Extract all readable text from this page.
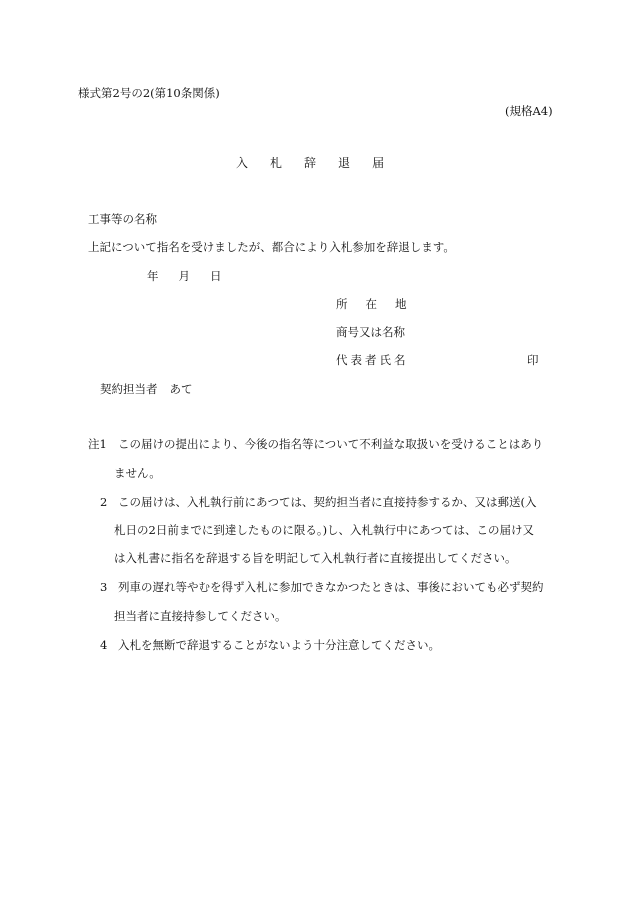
様式第2号の2(第10条関係)
(規格A4)
入 札 辞 退 届
工事等の名称
上記について指名を受けましたが、都合により入札参加を辞退します。
年 月 日
所 在 地
商号又は名称
代 表 者 氏 名	印
契約担当者 あて
注1 この届けの提出により、今後の指名等について不利益な取扱いを受けることはあり
ません。
2 この届けは、入札執行前にあつては、契約担当者に直接持参するか、又は郵送(入
札日の2日前までに到達したものに限る。)し、入札執行中にあつては、この届け又
は入札書に指名を辞退する旨を明記して入札執行者に直接提出してください。
3 列車の遅れ等やむを得ず入札に参加できなかつたときは、事後においても必ず契約
担当者に直接持参してください。
4 入札を無断で辞退することがないよう十分注意してください。
